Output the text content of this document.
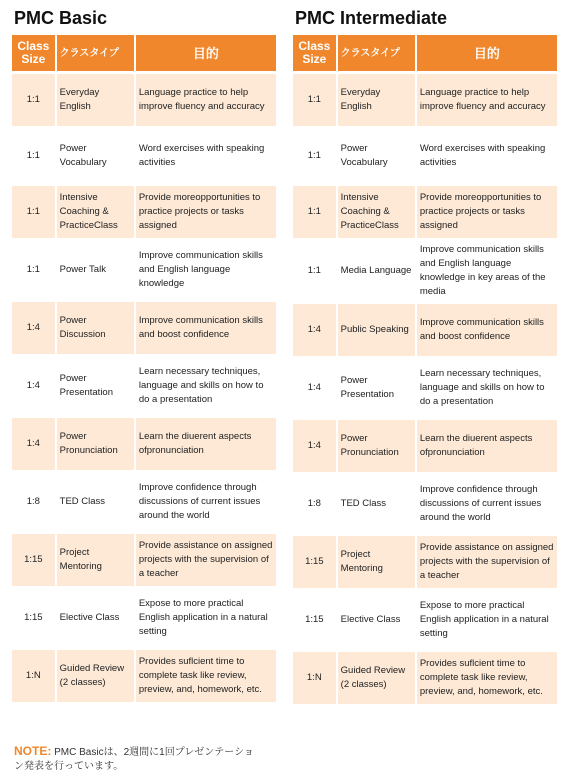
PMC Basic
Class Size	クラスタイプ	目的
1:1	Everyday English	Language practice to help improve fluency and accuracy
1:1	Power Vocabulary	Word exercises with speaking activities
1:1	Intensive Coaching & PracticeClass	Provide moreopportunities to practice projects or tasks assigned
1:1	Power Talk	Improve communication skills and English language knowledge
1:4	Power Discussion	Improve communication skills and boost confidence
1:4	Power Presentation	Learn necessary techniques, language and skills on how to do a presentation
1:4	Power Pronunciation	Learn the diuerent aspects ofpronunciation
1:8	TED Class	Improve confidence through discussions of current issues around the world
1:15	Project Mentoring	Provide assistance on assigned projects with the supervision of a teacher
1:15	Elective Class	Expose to more practical English application in a natural setting
1:N	Guided Review (2 classes)	Provides suflcient time to complete task like review, preview, and, homework, etc.
PMC Intermediate
Class Size	クラスタイプ	目的
1:1	Everyday English	Language practice to help improve fluency and accuracy
1:1	Power Vocabulary	Word exercises with speaking activities
1:1	Intensive Coaching & PracticeClass	Provide moreopportunities to practice projects or tasks assigned
1:1	Media Language	Improve communication skills and English language knowledge in key areas of the media
1:4	Public Speaking	Improve communication skills and boost confidence
1:4	Power Presentation	Learn necessary techniques, language and skills on how to do a presentation
1:4	Power Pronunciation	Learn the diuerent aspects ofpronunciation
1:8	TED Class	Improve confidence through discussions of current issues around the world
1:15	Project Mentoring	Provide assistance on assigned projects with the supervision of a teacher
1:15	Elective Class	Expose to more practical English application in a natural setting
1:N	Guided Review (2 classes)	Provides suflcient time to complete task like review, preview, and, homework, etc.
NOTE: PMC Basicは、2週間に1回プレゼンテーション発表を行っています。
